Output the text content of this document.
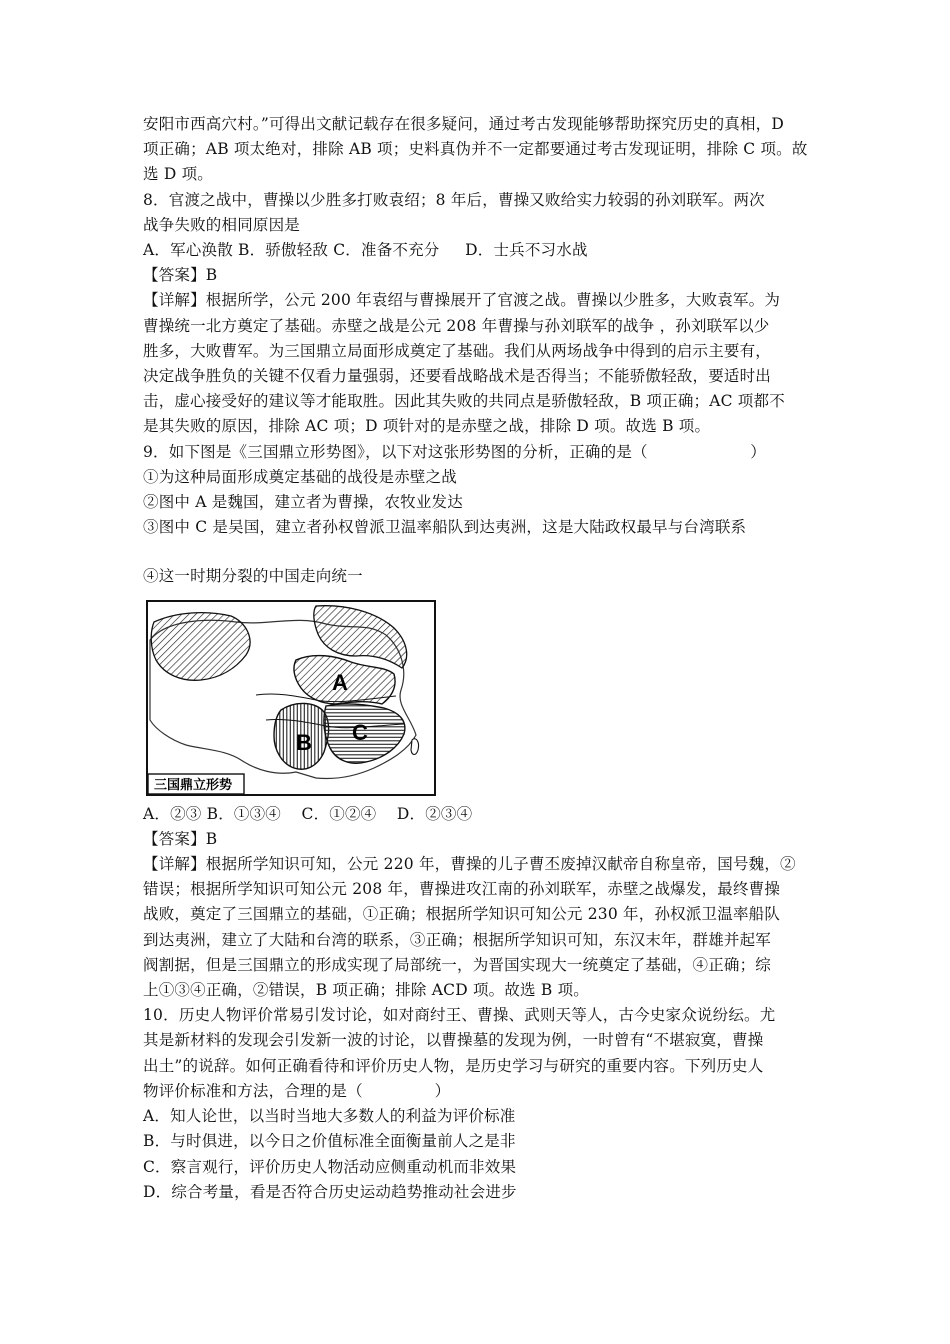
安阳市西高穴村。”可得出文献记载存在很多疑问，通过考古发现能够帮助探究历史的真相，D
项正确；AB 项太绝对，排除 AB 项；史料真伪并不一定都要通过考古发现证明，排除 C 项。故
选 D 项。
8．官渡之战中，曹操以少胜多打败袁绍；8 年后，曹操又败给实力较弱的孙刘联军。两次
战争失败的相同原因是
A．军心涣散 B．骄傲轻敌 C．准备不充分     D．士兵不习水战
【答案】B
【详解】根据所学，公元 200 年袁绍与曹操展开了官渡之战。曹操以少胜多，大败袁军。为
曹操统一北方奠定了基础。赤壁之战是公元 208 年曹操与孙刘联军的战争 ，孙刘联军以少
胜多，大败曹军。为三国鼎立局面形成奠定了基础。我们从两场战争中得到的启示主要有，
决定战争胜负的关键不仅看力量强弱，还要看战略战术是否得当；不能骄傲轻敌，要适时出
击，虚心接受好的建议等才能取胜。因此其失败的共同点是骄傲轻敌，B 项正确；AC 项都不
是其失败的原因，排除 AC 项；D 项针对的是赤壁之战，排除 D 项。故选 B 项。
9．如下图是《三国鼎立形势图》，以下对这张形势图的分析，正确的是（                    ）
①为这种局面形成奠定基础的战役是赤壁之战
②图中 A 是魏国，建立者为曹操，农牧业发达
③图中 C 是吴国，建立者孙权曾派卫温率船队到达夷洲，这是大陆政权最早与台湾联系
④这一时期分裂的中国走向统一
A
B C
三国鼎立形势
A．②③ B．①③④    C．①②④    D．②③④
【答案】B
【详解】根据所学知识可知，公元 220 年，曹操的儿子曹丕废掉汉献帝自称皇帝，国号魏，②
错误；根据所学知识可知公元 208 年，曹操进攻江南的孙刘联军，赤壁之战爆发，最终曹操
战败，奠定了三国鼎立的基础，①正确；根据所学知识可知公元 230 年，孙权派卫温率船队
到达夷洲，建立了大陆和台湾的联系，③正确；根据所学知识可知，东汉末年，群雄并起军
阀割据，但是三国鼎立的形成实现了局部统一，为晋国实现大一统奠定了基础，④正确；综
上①③④正确，②错误，B 项正确；排除 ACD 项。故选 B 项。
10．历史人物评价常易引发讨论，如对商纣王、曹操、武则天等人，古今史家众说纷纭。尤
其是新材料的发现会引发新一波的讨论，以曹操墓的发现为例，一时曾有“不堪寂寞，曹操
出土”的说辞。如何正确看待和评价历史人物，是历史学习与研究的重要内容。下列历史人
物评价标准和方法，合理的是（              ）
A．知人论世，以当时当地大多数人的利益为评价标准
B．与时俱进，以今日之价值标准全面衡量前人之是非
C．察言观行，评价历史人物活动应侧重动机而非效果
D．综合考量，看是否符合历史运动趋势推动社会进步
